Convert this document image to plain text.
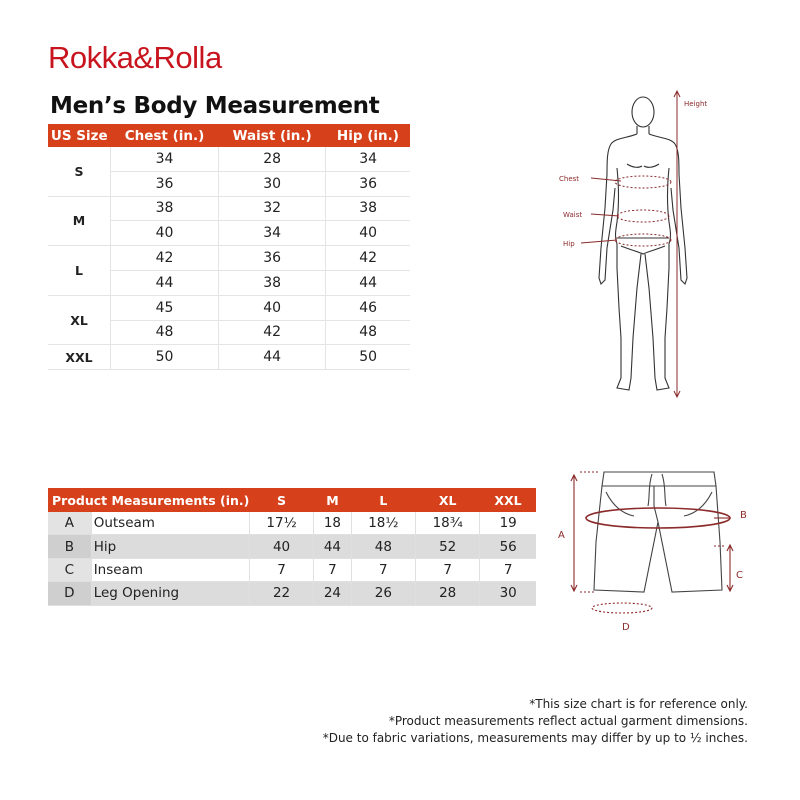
Rokka&Rolla
Men’s Body Measurement
US Size	Chest (in.)	Waist (in.)	Hip (in.)
S	34	28	34
	36	30	36
M	38	32	38
	40	34	40
L	42	36	42
	44	38	44
XL	45	40	46
	48	42	48
XXL	50	44	50
Height
Chest
Waist
Hip
Product Measurements (in.)		S	M	L	XL	XXL
A	Outseam	17½	18	18½	18¾	19
B	Hip	40	44	48	52	56
C	Inseam	7	7	7	7	7
D	Leg Opening	22	24	26	28	30
A
B
C
D
*This size chart is for reference only.
*Product measurements reflect actual garment dimensions.
*Due to fabric variations, measurements may differ by up to ½ inches.
